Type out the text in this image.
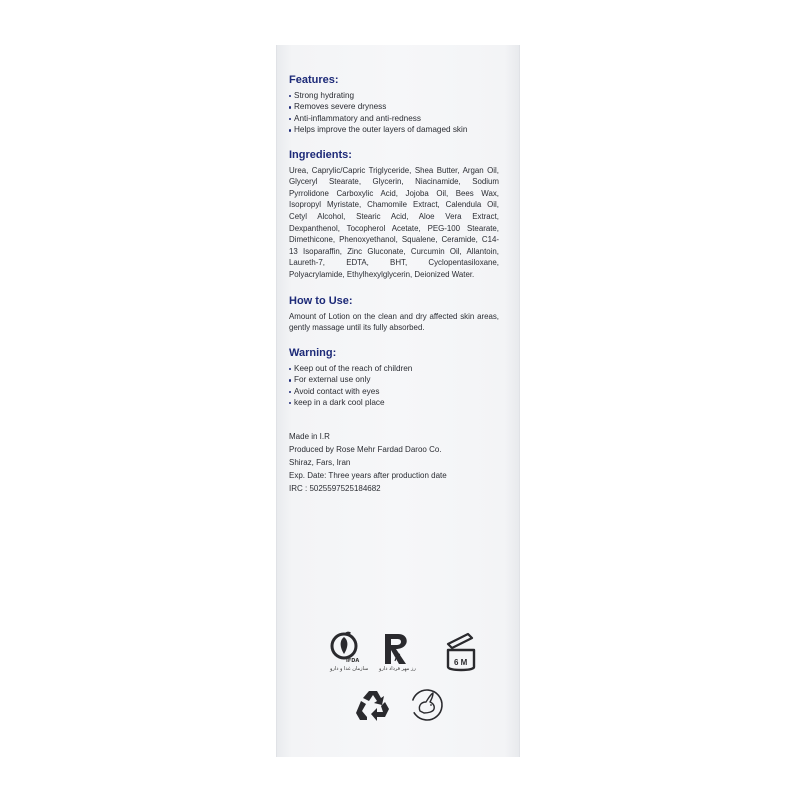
Features:
Strong hydrating
Removes severe dryness
Anti-inflammatory and anti-redness
Helps improve the outer layers of damaged skin
Ingredients:

Urea, Caprylic/Capric Triglyceride, Shea Butter, Argan Oil, Glyceryl Stearate, Glycerin, Niacinamide, Sodium Pyrrolidone Carboxylic Acid, Jojoba Oil, Bees Wax, Isopropyl Myristate, Chamomile Extract, Calendula Oil, Cetyl Alcohol, Stearic Acid, Aloe Vera Extract, Dexpanthenol, Tocopherol Acetate, PEG-100 Stearate, Dimethicone, Phenoxyethanol, Squalene, Ceramide, C14-13 Isoparaffin, Zinc Gluconate, Curcumin Oil, Allantoin, Laureth-7, EDTA, BHT, Cyclopentasiloxane, Polyacrylamide, Ethylhexylglycerin, Deionized Water.

How to Use:

Amount of Lotion on the clean and dry affected skin areas, gently massage until its fully absorbed.

Warning:
Keep out of the reach of children
For external use only
Avoid contact with eyes
keep in a dark cool place
Made in I.R
Produced by Rose Mehr Fardad Daroo Co.
Shiraz, Fars, Iran
Exp. Date: Three years after production date
IRC : 5025597525184682
IFDA
سازمان غذا و دارو رز مهر فرداد دارو
6 M
